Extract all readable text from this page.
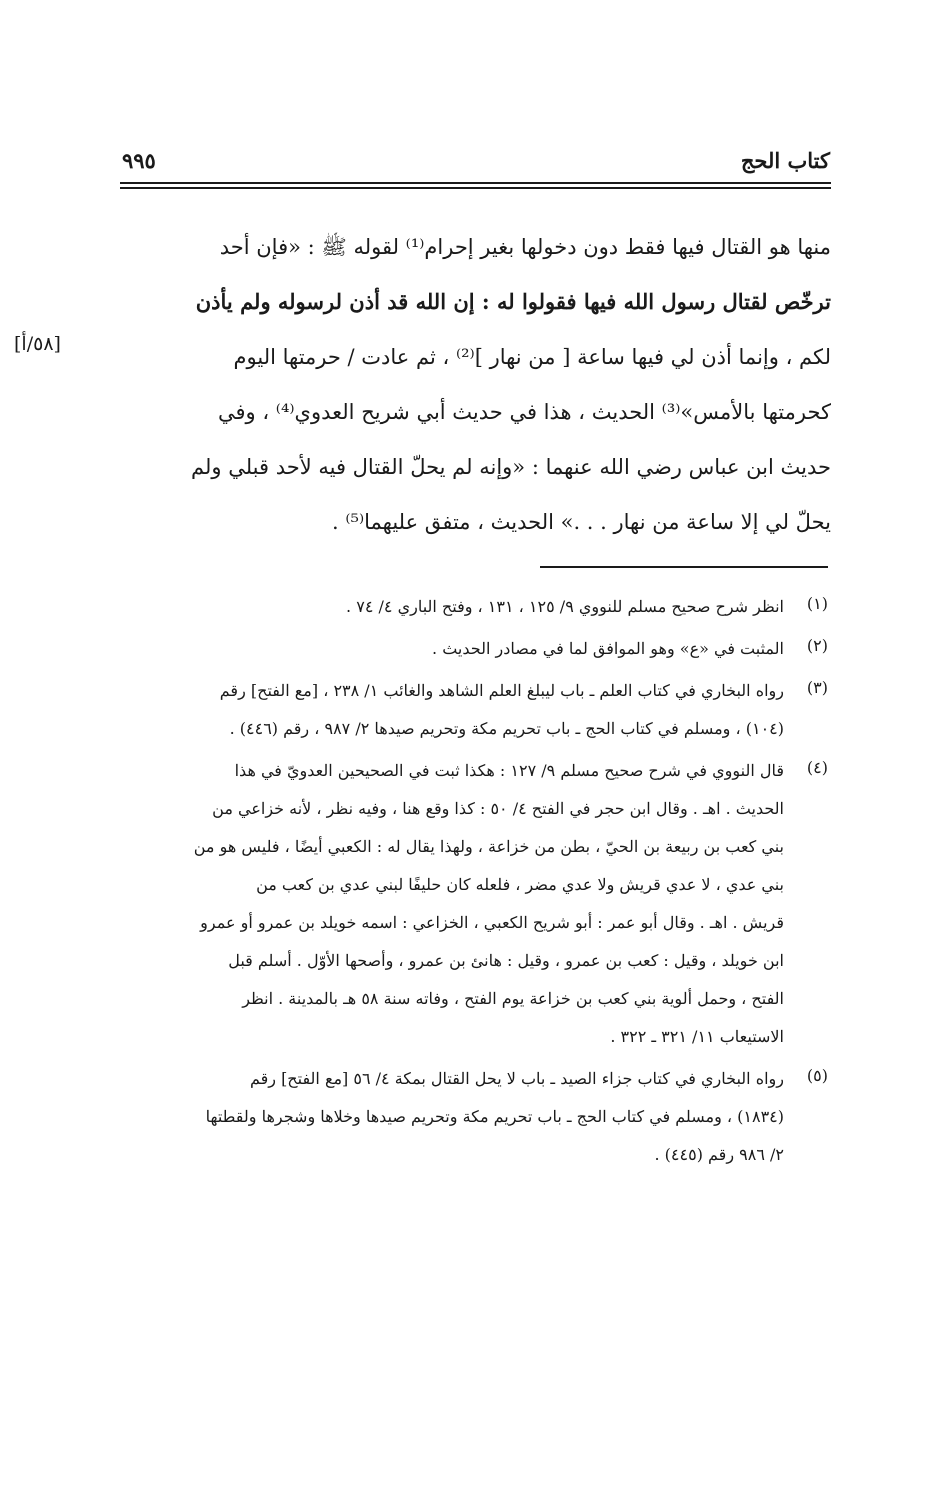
كتاب الحج
٩٩٥
منها هو القتال فيها فقط دون دخولها بغير إحرام⁽¹⁾ لقوله ﷺ : «فإن أحد
ترخّص لقتال رسول الله فيها فقولوا له : إن الله قد أذن لرسوله ولم يأذن
لكم ، وإنما أذن لي فيها ساعة [ من نهار ]⁽²⁾ ، ثم عادت / حرمتها اليوم
كحرمتها بالأمس»⁽³⁾ الحديث ، هذا في حديث أبي شريح العدوي⁽⁴⁾ ، وفي
حديث ابن عباس رضي الله عنهما : «وإنه لم يحلّ القتال فيه لأحد قبلي ولم
يحلّ لي إلا ساعة من نهار . . .» الحديث ، متفق عليهما⁽⁵⁾ .
[٥٨/أ]
(١)
انظر شرح صحيح مسلم للنووي ٩/ ١٢٥ ، ١٣١ ، وفتح الباري ٤/ ٧٤ .
(٢)
المثبت في «ع» وهو الموافق لما في مصادر الحديث .
(٣)
رواه البخاري في كتاب العلم ـ باب ليبلغ العلم الشاهد والغائب ١/ ٢٣٨ ، [مع الفتح] رقم
(١٠٤) ، ومسلم في كتاب الحج ـ باب تحريم مكة وتحريم صيدها ٢/ ٩٨٧ ، رقم (٤٤٦) .
(٤)
قال النووي في شرح صحيح مسلم ٩/ ١٢٧ : هكذا ثبت في الصحيحين العدويّ في هذا
الحديث . اهـ . وقال ابن حجر في الفتح ٤/ ٥٠ : كذا وقع هنا ، وفيه نظر ، لأنه خزاعي من
بني كعب بن ربيعة بن الحيّ ، بطن من خزاعة ، ولهذا يقال له : الكعبي أيضًا ، فليس هو من
بني عدي ، لا عدي قريش ولا عدي مضر ، فلعله كان حليفًا لبني عدي بن كعب من
قريش . اهـ . وقال أبو عمر : أبو شريح الكعبي ، الخزاعي : اسمه خويلد بن عمرو أو عمرو
ابن خويلد ، وقيل : كعب بن عمرو ، وقيل : هانئ بن عمرو ، وأصحها الأوّل . أسلم قبل
الفتح ، وحمل ألوية بني كعب بن خزاعة يوم الفتح ، وفاته سنة ٥٨ هـ بالمدينة . انظر
الاستيعاب ١١/ ٣٢١ ـ ٣٢٢ .
(٥)
رواه البخاري في كتاب جزاء الصيد ـ باب لا يحل القتال بمكة ٤/ ٥٦ [مع الفتح] رقم
(١٨٣٤) ، ومسلم في كتاب الحج ـ باب تحريم مكة وتحريم صيدها وخلاها وشجرها ولقطتها
٢/ ٩٨٦ رقم (٤٤٥) .
